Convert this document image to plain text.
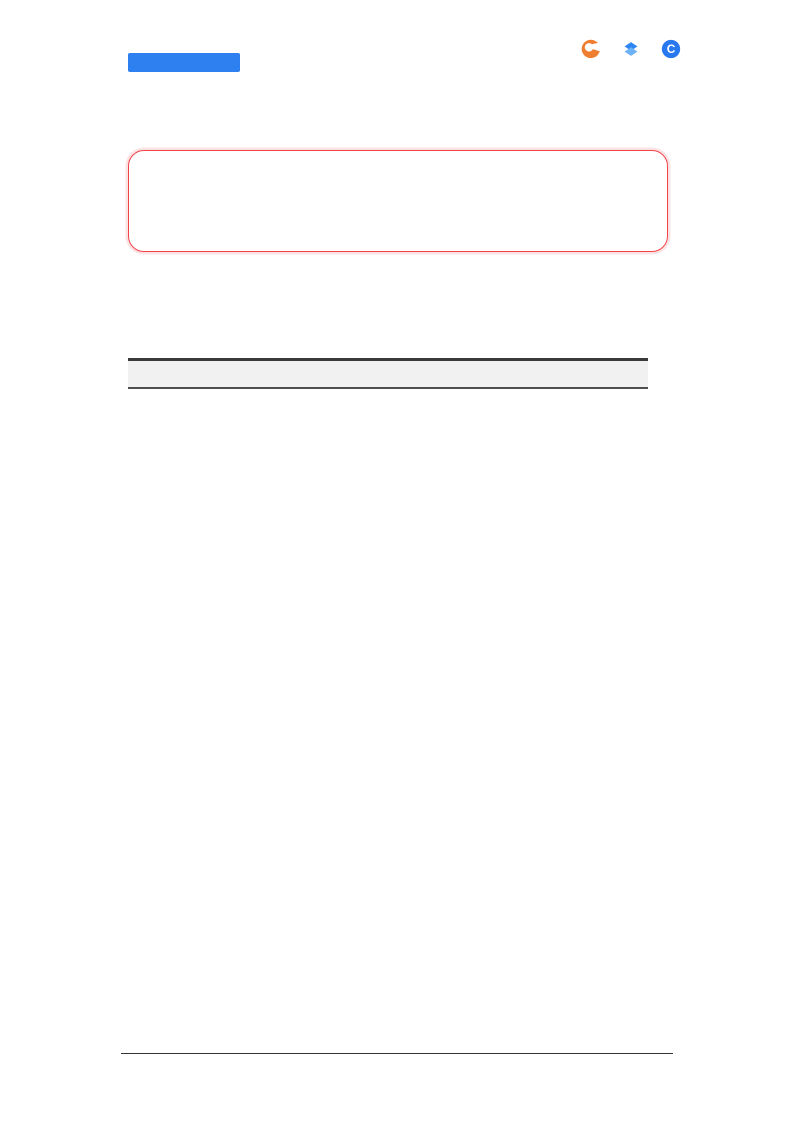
C
